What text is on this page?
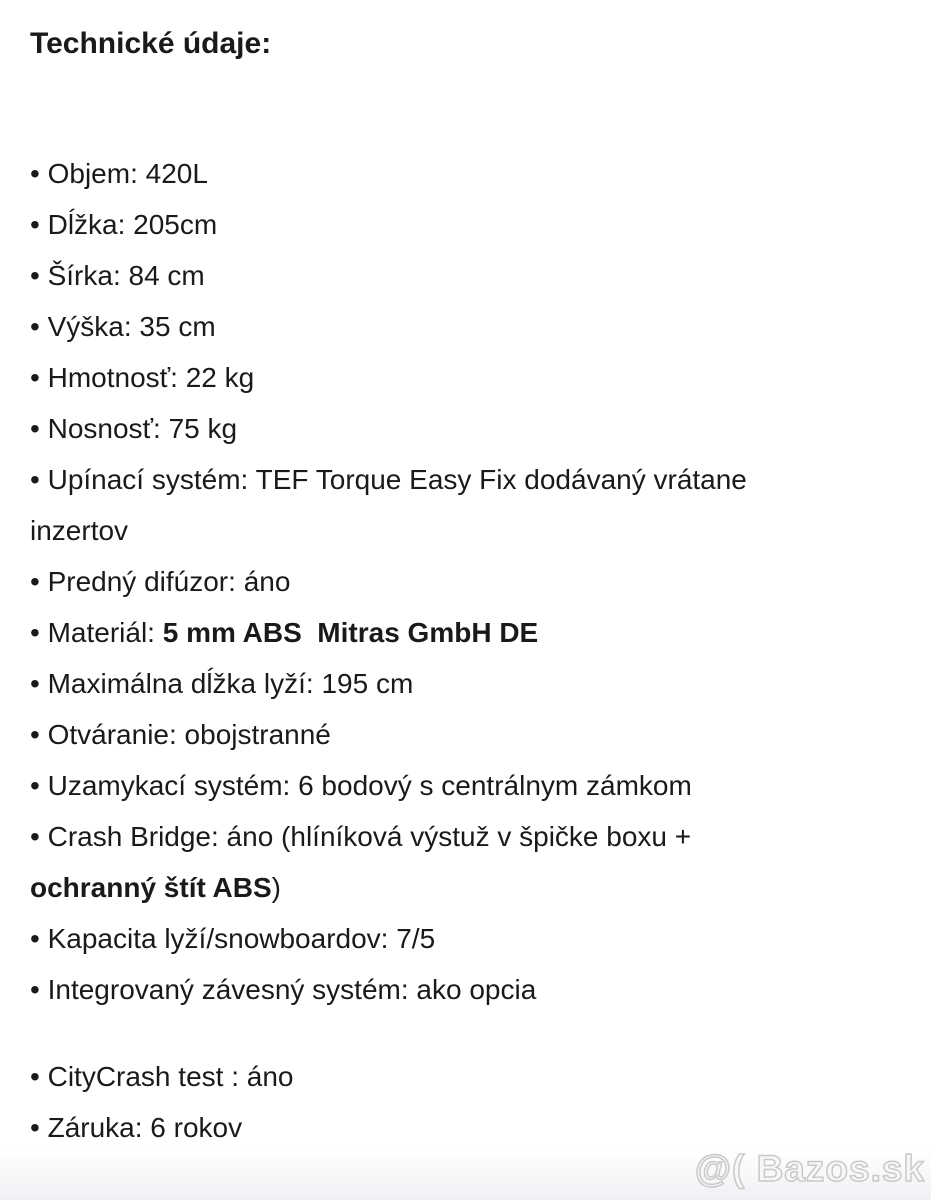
Technické údaje:

• Objem: 420L

• Dĺžka: 205cm

• Šírka: 84 cm

• Výška: 35 cm

• Hmotnosť: 22 kg

• Nosnosť: 75 kg

• Upínací systém: TEF Torque Easy Fix dodávaný vrátane
inzertov

• Predný difúzor: áno

• Materiál: 5 mm ABS  Mitras GmbH DE

• Maximálna dĺžka lyží: 195 cm

• Otváranie: obojstranné

• Uzamykací systém: 6 bodový s centrálnym zámkom

• Crash Bridge: áno (hlíníková výstuž v špičke boxu +
ochranný štít ABS)

• Kapacita lyží/snowboardov: 7/5

• Integrovaný závesný systém: ako opcia

• CityCrash test : áno

• Záruka: 6 rokov

@( Bazos.sk
